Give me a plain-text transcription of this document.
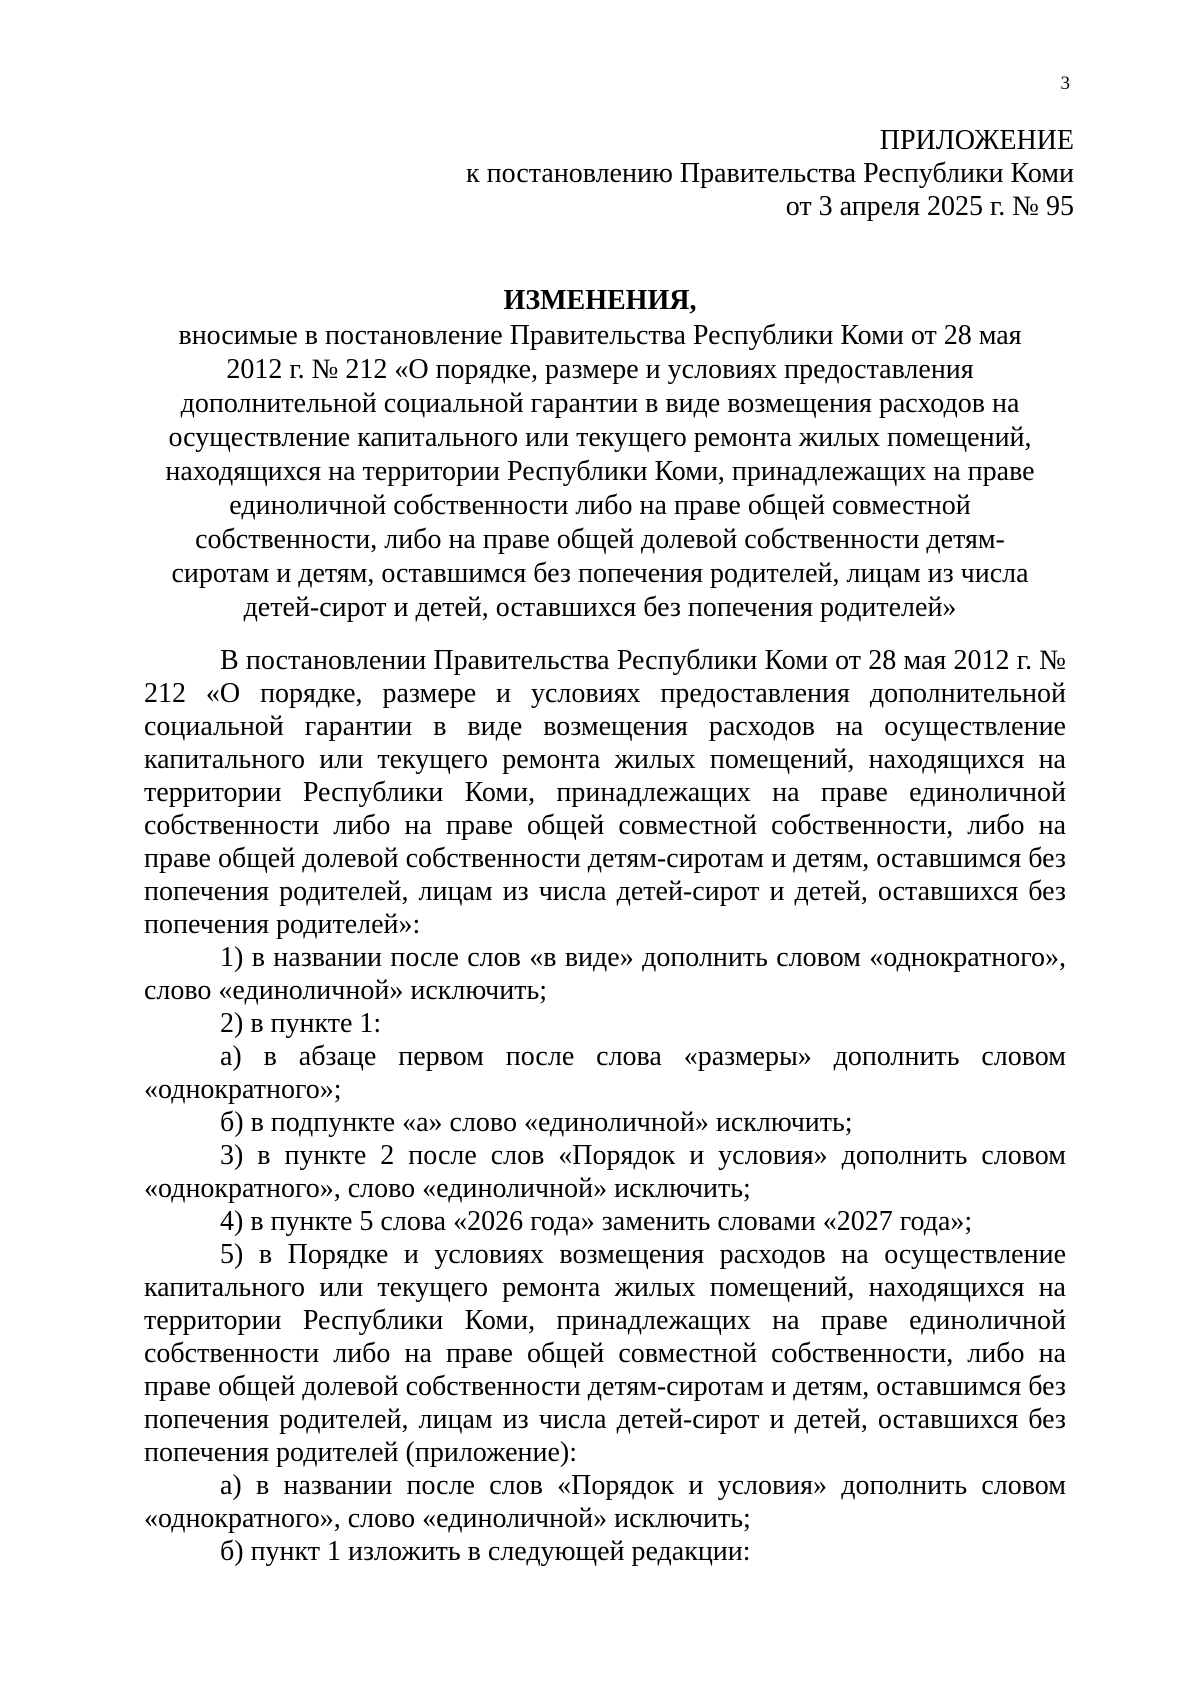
3
ПРИЛОЖЕНИЕ
к постановлению Правительства Республики Коми
от 3 апреля 2025 г. № 95
ИЗМЕНЕНИЯ,
вносимые в постановление Правительства Республики Коми от 28 мая
2012 г. № 212 «О порядке, размере и условиях предоставления
дополнительной социальной гарантии в виде возмещения расходов на
осуществление капитального или текущего ремонта жилых помещений,
находящихся на территории Республики Коми, принадлежащих на праве
единоличной собственности либо на праве общей совместной
собственности, либо на праве общей долевой собственности детям-
сиротам и детям, оставшимся без попечения родителей, лицам из числа
детей-сирот и детей, оставшихся без попечения родителей»

В постановлении Правительства Республики Коми от 28 мая 2012 г. № 212 «О порядке, размере и условиях предоставления дополнительной социальной гарантии в виде возмещения расходов на осуществление капитального или текущего ремонта жилых помещений, находящихся на территории Республики Коми, принадлежащих на праве единоличной собственности либо на праве общей совместной собственности, либо на праве общей долевой собственности детям-сиротам и детям, оставшимся без попечения родителей, лицам из числа детей-сирот и детей, оставшихся без попечения родителей»:

1) в названии после слов «в виде» дополнить словом «однократного», слово «единоличной» исключить;

2) в пункте 1:

а) в абзаце первом после слова «размеры» дополнить словом «однократного»;

б) в подпункте «а» слово «единоличной» исключить;

3) в пункте 2 после слов «Порядок и условия» дополнить словом «однократного», слово «единоличной» исключить;

4) в пункте 5 слова «2026 года» заменить словами «2027 года»;

5) в Порядке и условиях возмещения расходов на осуществление капитального или текущего ремонта жилых помещений, находящихся на территории Республики Коми, принадлежащих на праве единоличной собственности либо на праве общей совместной собственности, либо на праве общей долевой собственности детям-сиротам и детям, оставшимся без попечения родителей, лицам из числа детей-сирот и детей, оставшихся без попечения родителей (приложение):

а) в названии после слов «Порядок и условия» дополнить словом «однократного», слово «единоличной» исключить;

б) пункт 1 изложить в следующей редакции:
